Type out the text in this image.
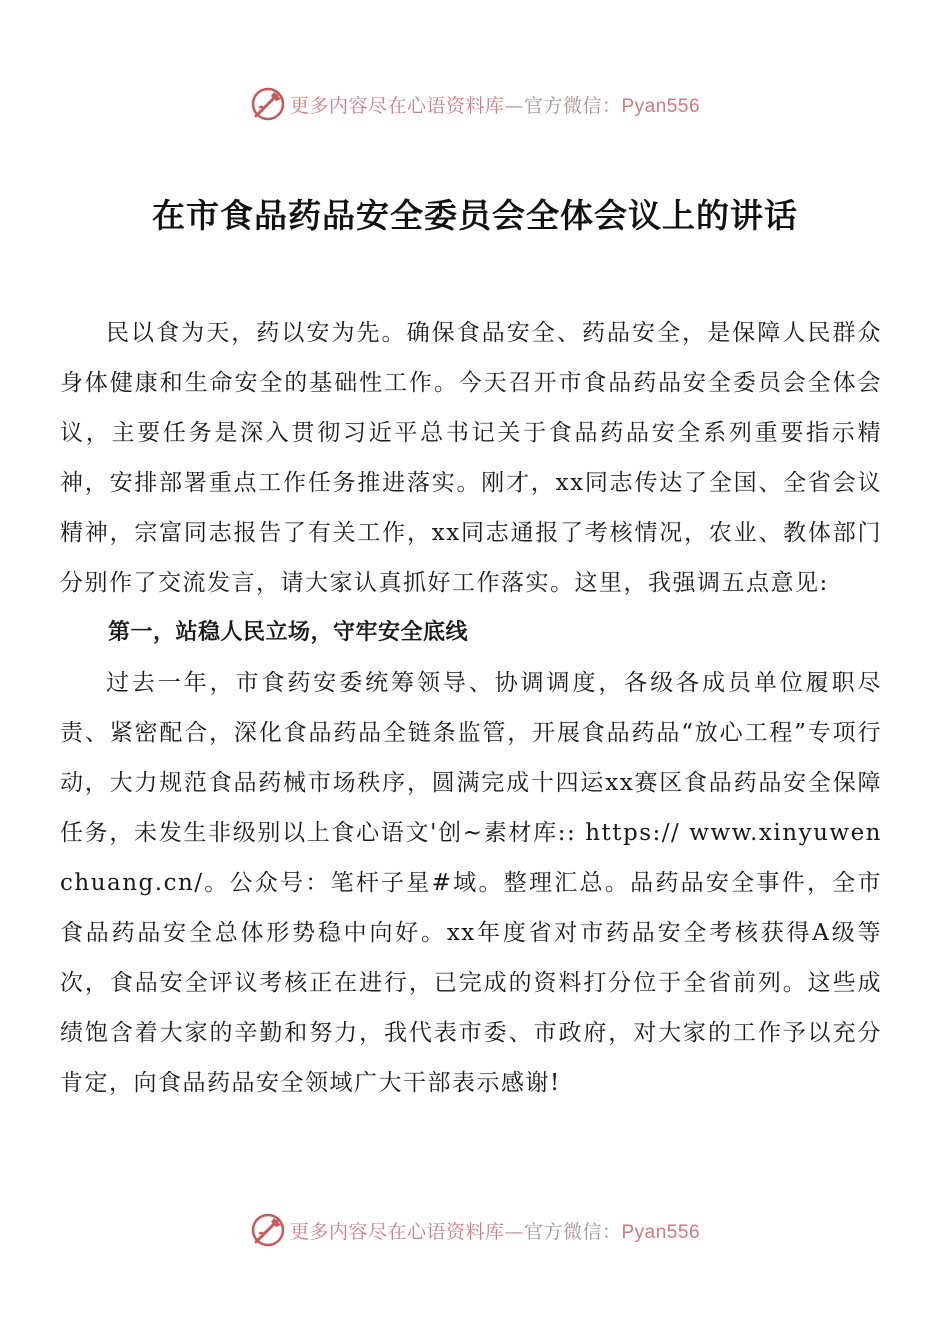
更多内容尽在心语资料库—官方微信：Pyan556
在市食品药品安全委员会全体会议上的讲话

民以食为天，药以安为先。确保食品安全、药品安全，是保障人民群众身体健康和生命安全的基础性工作。今天召开市食品药品安全委员会全体会议，主要任务是深入贯彻习近平总书记关于食品药品安全系列重要指示精神，安排部署重点工作任务推进落实。刚才，xx同志传达了全国、全省会议精神，宗富同志报告了有关工作，xx同志通报了考核情况，农业、教体部门分别作了交流发言，请大家认真抓好工作落实。这里，我强调五点意见:

第一，站稳人民立场，守牢安全底线

过去一年，市食药安委统筹领导、协调调度，各级各成员单位履职尽责、紧密配合，深化食品药品全链条监管，开展食品药品“放心工程”专项行动，大力规范食品药械市场秩序，圆满完成十四运xx赛区食品药品安全保障任务，未发生非级别以上食心语文'创~素材库:: https:// www.xinyuwenchuang.cn/。公众号：笔杆子星#域。整理汇总。品药品安全事件，全市食品药品安全总体形势稳中向好。xx年度省对市药品安全考核获得A级等次，食品安全评议考核正在进行，已完成的资料打分位于全省前列。这些成绩饱含着大家的辛勤和努力，我代表市委、市政府，对大家的工作予以充分肯定，向食品药品安全领域广大干部表示感谢!

更多内容尽在心语资料库—官方微信：Pyan556
